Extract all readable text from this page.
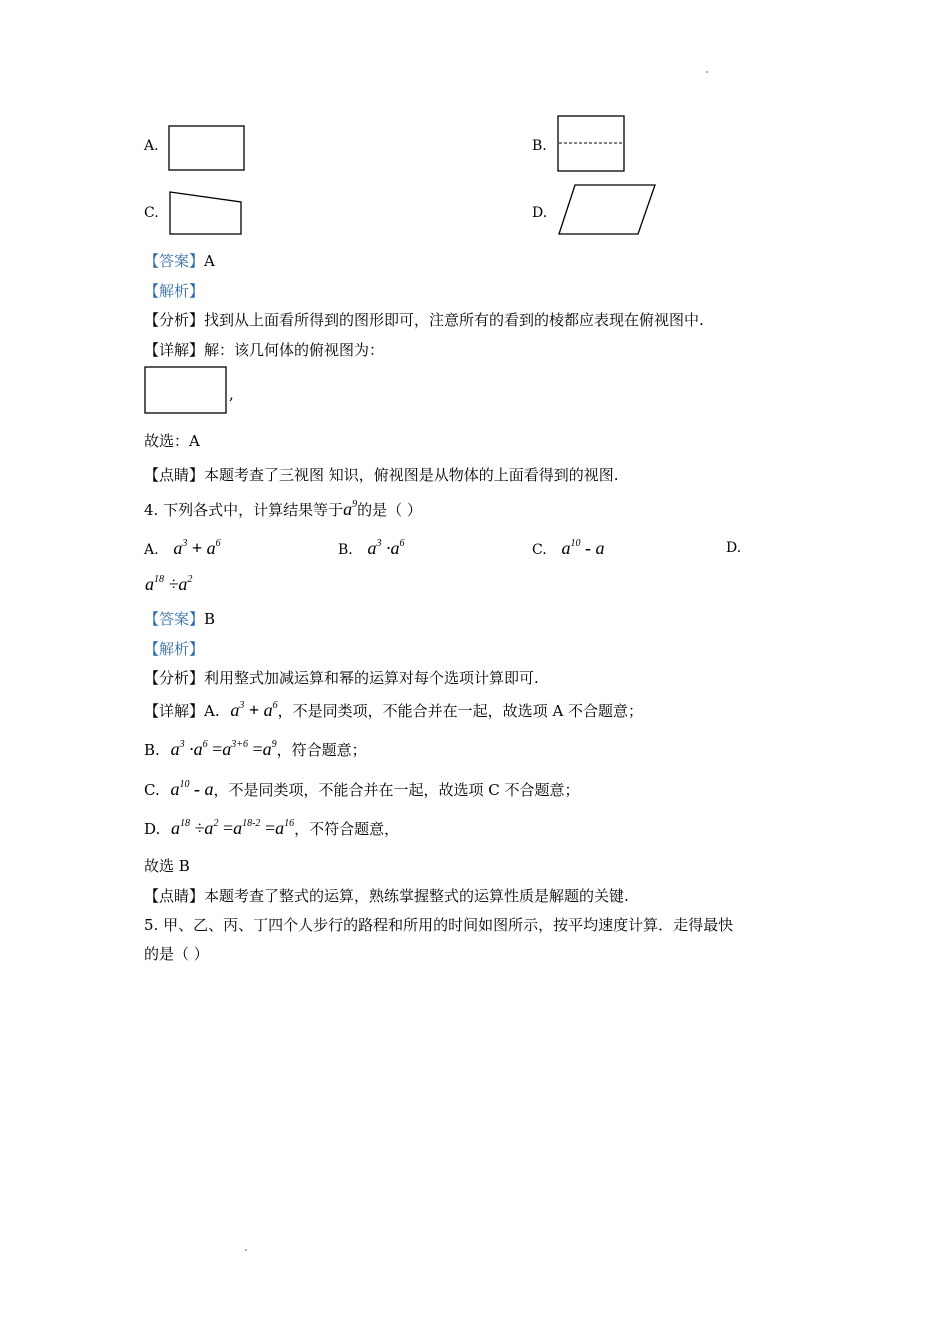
A.	B.
C.	D.
【答案】A
【解析】
【分析】找到从上面看所得到的图形即可，注意所有的看到的棱都应表现在俯视图中.
【详解】解：该几何体的俯视图为：
,
故选：A
【点睛】本题考查了三视图 知识，俯视图是从物体的上面看得到的视图.
4. 下列各式中，计算结果等于$a^9$的是（ ）
A. $a^3 + a^6$	B. $a^3 \cdot a^6$	C. $a^{10}$ - a	D.
$a^{18} \div a^2$
【答案】B
【解析】
【分析】利用整式加减运算和幂的运算对每个选项计算即可.
【详解】A. $a^3 + a^6$，不是同类项，不能合并在一起，故选项 A 不合题意；
B. $a^3 \cdot a^6 =a^{3+6} =a^9$，符合题意；
C. $a^{10}$ - a，不是同类项，不能合并在一起，故选项 C 不合题意；
D. $a^{18} \div a^2 =a^{18-2} =a^{16}$，不符合题意，
故选 B
【点睛】本题考查了整式的运算，熟练掌握整式的运算性质是解题的关键.
5. 甲、乙、丙、丁四个人步行的路程和所用的时间如图所示，按平均速度计算．走得最快
的是（ ）
